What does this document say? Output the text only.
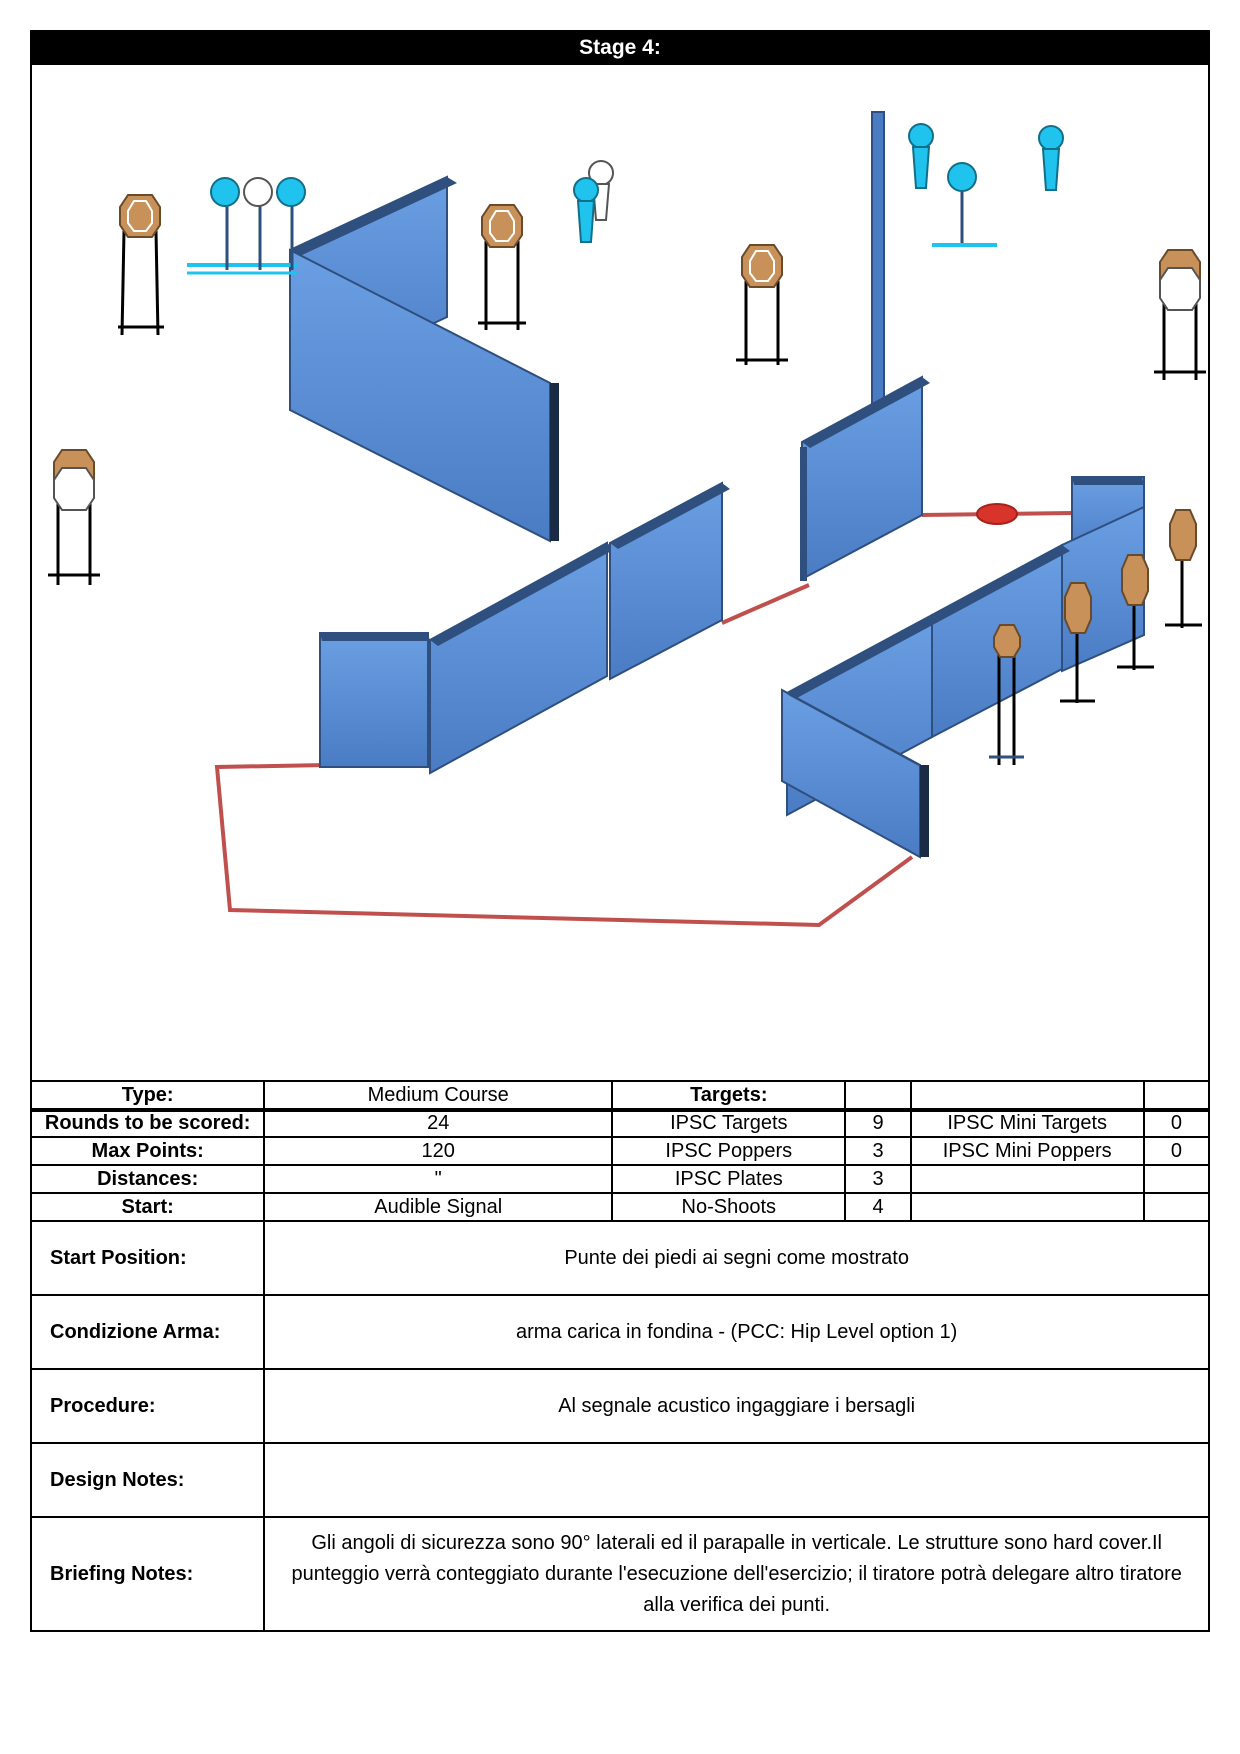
Stage 4:
Type:	Medium Course	Targets:			
Rounds to be scored:	24	IPSC Targets	9	IPSC Mini Targets	0
Max Points:	120	IPSC Poppers	3	IPSC Mini Poppers	0
Distances:	"	IPSC Plates	3		
Start:	Audible Signal	No-Shoots	4		
Start Position:	Punte dei piedi ai segni come mostrato				
Condizione Arma:	arma carica in fondina - (PCC: Hip Level option 1)				
Procedure:	Al segnale acustico ingaggiare i bersagli				
Design Notes:					
Briefing Notes:	Gli angoli di sicurezza sono 90° laterali ed il parapalle in verticale. Le strutture sono hard cover.Il punteggio verrà conteggiato durante l'esecuzione dell'esercizio; il tiratore potrà delegare altro tiratore alla verifica dei punti.				
